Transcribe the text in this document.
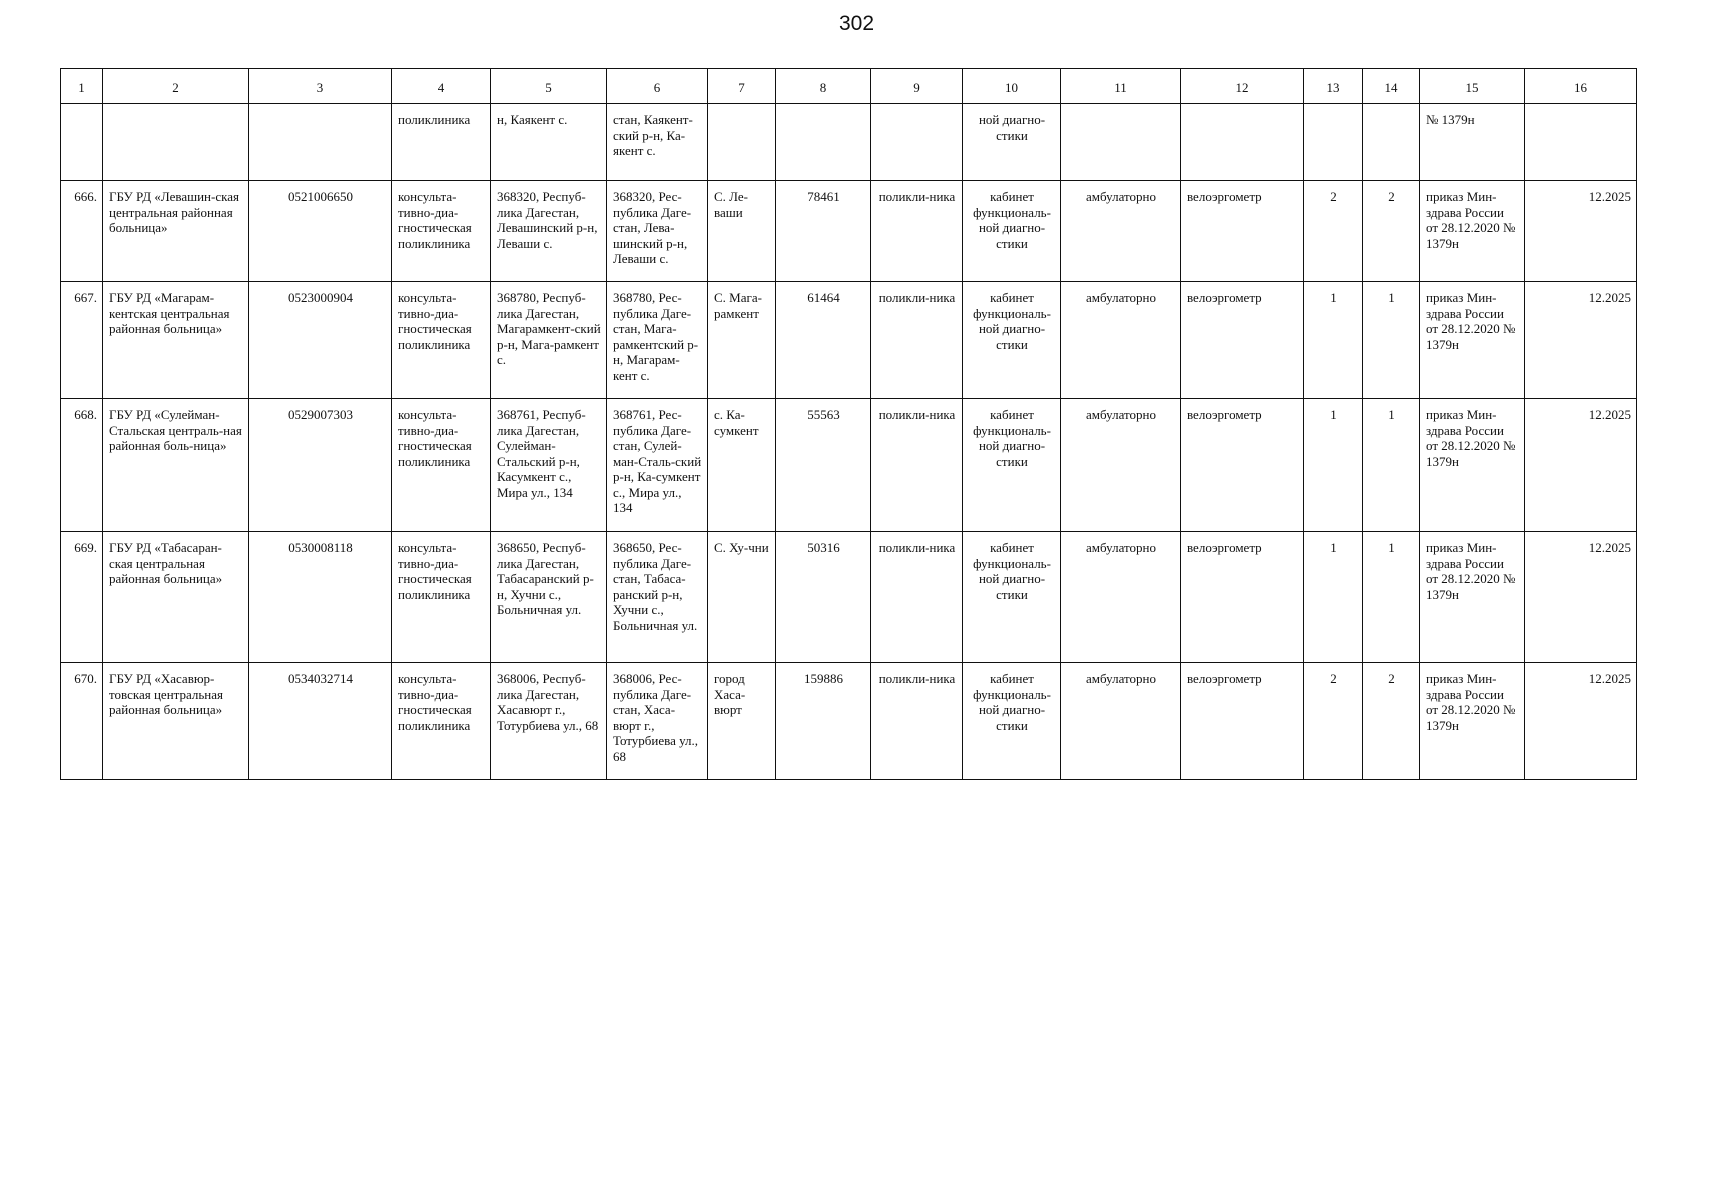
302
1	2	3	4	5	6	7	8	9	10	11	12	13	14	15	16
			поликлиника	н, Каякент с.	стан, Каякент-ский р-н, Ка-якент с.				ной диагно-стики					№ 1379н	
666.	ГБУ РД «Левашин-ская центральная районная больница»	0521006650	консульта-тивно-диа-гностическая поликлиника	368320, Респуб-лика Дагестан, Левашинский р-н, Леваши с.	368320, Рес-публика Даге-стан, Лева-шинский р-н, Леваши с.	С. Ле-ваши	78461	поликли-ника	кабинет функциональ-ной диагно-стики	амбулаторно	велоэргометр	2	2	приказ Мин-здрава России от 28.12.2020 № 1379н	12.2025
667.	ГБУ РД «Магарам-кентская центральная районная больница»	0523000904	консульта-тивно-диа-гностическая поликлиника	368780, Респуб-лика Дагестан, Магарамкент-ский р-н, Мага-рамкент с.	368780, Рес-публика Даге-стан, Мага-рамкентский р-н, Магарам-кент с.	С. Мага-рамкент	61464	поликли-ника	кабинет функциональ-ной диагно-стики	амбулаторно	велоэргометр	1	1	приказ Мин-здрава России от 28.12.2020 № 1379н	12.2025
668.	ГБУ РД «Сулейман-Стальская централь-ная районная боль-ница»	0529007303	консульта-тивно-диа-гностическая поликлиника	368761, Респуб-лика Дагестан, Сулейман-Стальский р-н, Касумкент с., Мира ул., 134	368761, Рес-публика Даге-стан, Сулей-ман-Сталь-ский р-н, Ка-сумкент с., Мира ул., 134	с. Ка-сумкент	55563	поликли-ника	кабинет функциональ-ной диагно-стики	амбулаторно	велоэргометр	1	1	приказ Мин-здрава России от 28.12.2020 № 1379н	12.2025
669.	ГБУ РД «Табасаран-ская центральная районная больница»	0530008118	консульта-тивно-диа-гностическая поликлиника	368650, Респуб-лика Дагестан, Табасаранский р-н, Хучни с., Больничная ул.	368650, Рес-публика Даге-стан, Табаса-ранский р-н, Хучни с., Больничная ул.	С. Ху-чни	50316	поликли-ника	кабинет функциональ-ной диагно-стики	амбулаторно	велоэргометр	1	1	приказ Мин-здрава России от 28.12.2020 № 1379н	12.2025
670.	ГБУ РД «Хасавюр-товская центральная районная больница»	0534032714	консульта-тивно-диа-гностическая поликлиника	368006, Респуб-лика Дагестан, Хасавюрт г., Тотурбиева ул., 68	368006, Рес-публика Даге-стан, Хаса-вюрт г., Тотурбиева ул., 68	город Хаса-вюрт	159886	поликли-ника	кабинет функциональ-ной диагно-стики	амбулаторно	велоэргометр	2	2	приказ Мин-здрава России от 28.12.2020 № 1379н	12.2025
